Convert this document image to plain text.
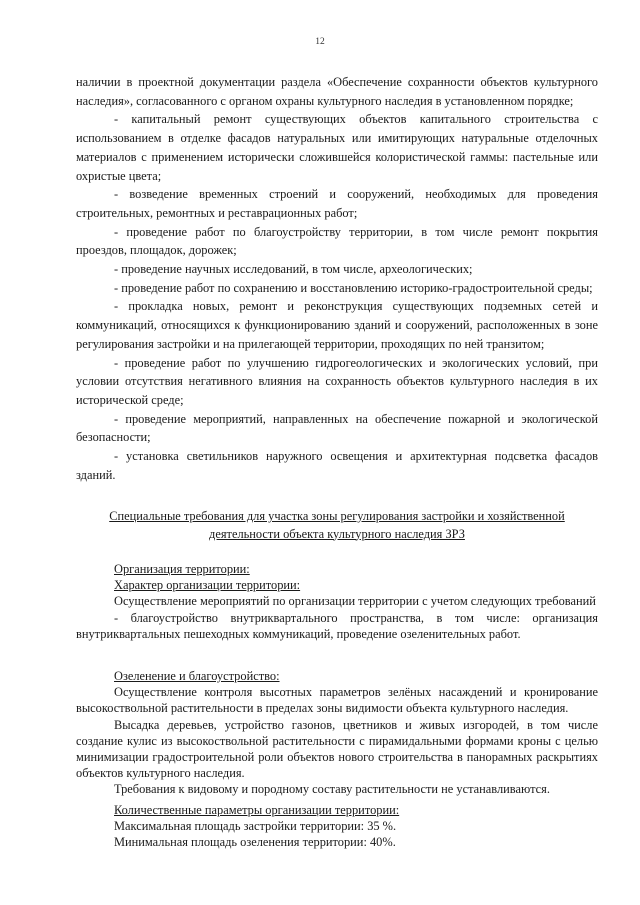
12

наличии в проектной документации раздела «Обеспечение сохранности объектов культурного наследия», согласованного с органом охраны культурного наследия в установленном порядке;

- капитальный ремонт существующих объектов капитального строительства с использованием в отделке фасадов натуральных или имитирующих натуральные отделочных материалов с применением исторически сложившейся колористической гаммы: пастельные или охристые цвета;

- возведение временных строений и сооружений, необходимых для проведения строительных, ремонтных и реставрационных работ;

- проведение работ по благоустройству территории, в том числе ремонт покрытия проездов, площадок, дорожек;

- проведение научных исследований, в том числе, археологических;

- проведение работ по сохранению и восстановлению историко-градостроительной среды;

- прокладка новых, ремонт и реконструкция существующих подземных сетей и коммуникаций, относящихся к функционированию зданий и сооружений, расположенных в зоне регулирования застройки и на прилегающей территории, проходящих по ней транзитом;

- проведение работ по улучшению гидрогеологических и экологических условий, при условии отсутствия негативного влияния на сохранность объектов культурного наследия в их исторической среде;

- проведение мероприятий, направленных на обеспечение пожарной и экологической безопасности;

- установка светильников наружного освещения и архитектурная подсветка фасадов зданий.

Специальные требования для участка зоны регулирования застройки и хозяйственной деятельности объекта культурного наследия ЗРЗ

Организация территории:

Характер организации территории:

Осуществление мероприятий по организации территории с учетом следующих требований

- благоустройство внутриквартального пространства, в том числе: организация внутриквартальных пешеходных коммуникаций, проведение озеленительных работ.

Озеленение и благоустройство:

Осуществление контроля высотных параметров зелёных насаждений и кронирование высокоствольной растительности в пределах зоны видимости объекта культурного наследия.

Высадка деревьев, устройство газонов, цветников и живых изгородей, в том числе создание кулис из высокоствольной растительности с пирамидальными формами кроны с целью минимизации градостроительной роли объектов нового строительства в панорамных раскрытиях объектов культурного наследия.

Требования к видовому и породному составу растительности не устанавливаются.

Количественные параметры организации территории:

Максимальная площадь застройки территории: 35 %.

Минимальная площадь озеленения территории: 40%.
